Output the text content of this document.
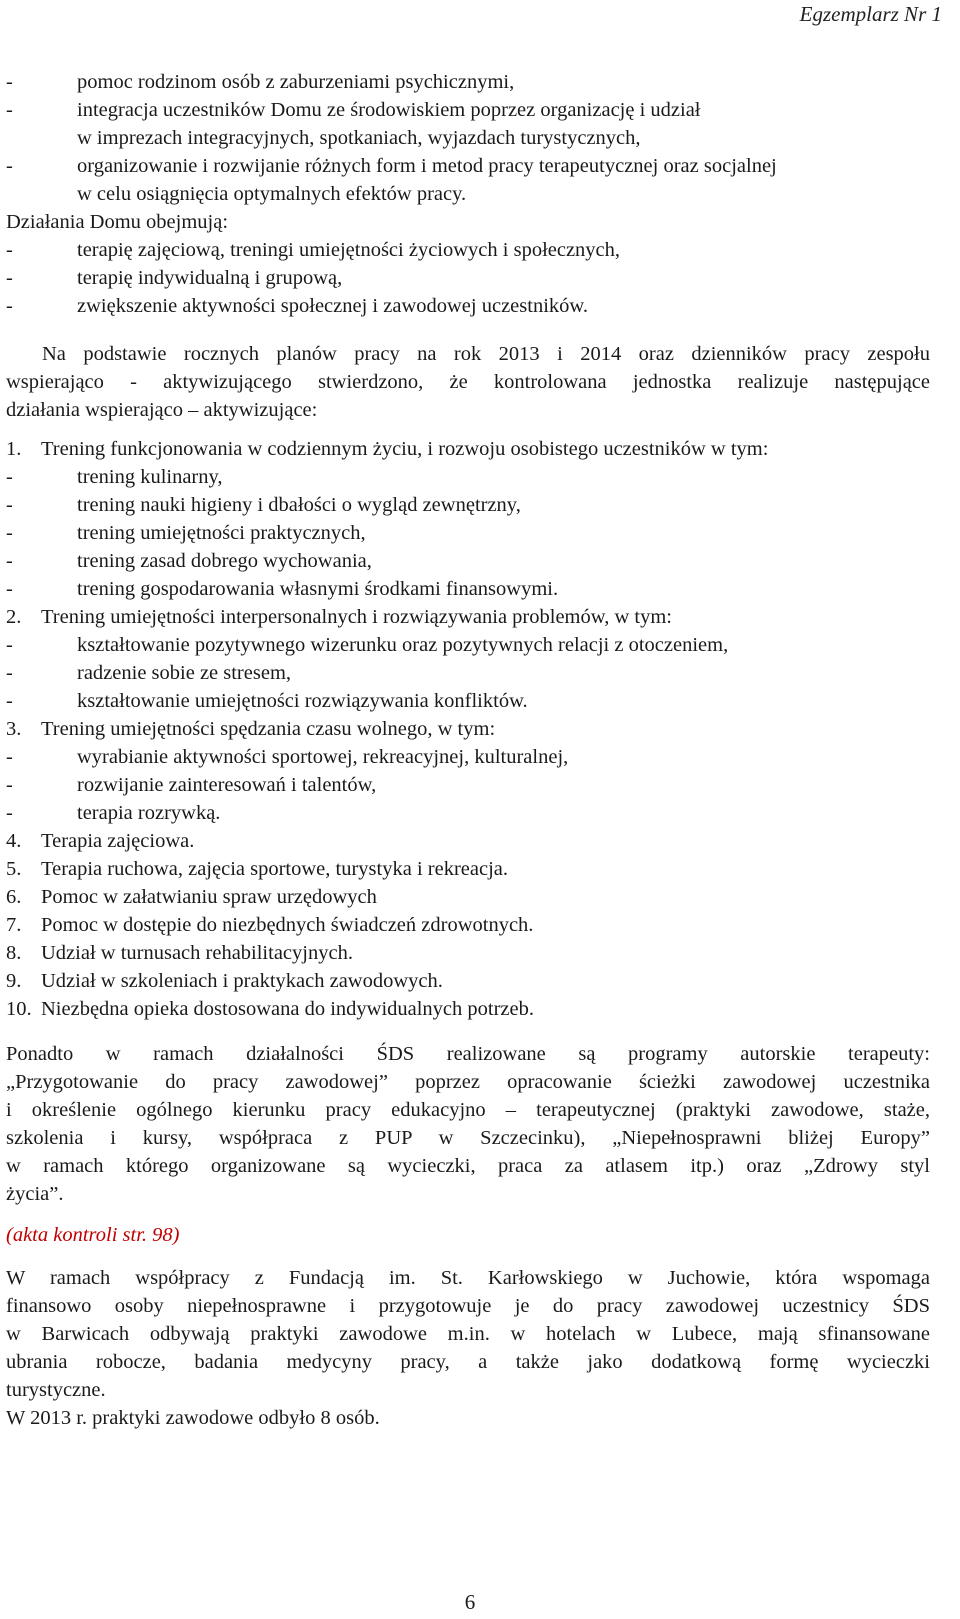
Egzemplarz Nr 1
-	pomoc rodzinom osób z zaburzeniami psychicznymi,
-	integracja uczestników Domu ze środowiskiem poprzez organizację i udział
w imprezach integracyjnych, spotkaniach, wyjazdach turystycznych,
-	organizowanie i rozwijanie różnych form i metod pracy terapeutycznej oraz socjalnej
w celu osiągnięcia optymalnych efektów pracy.
Działania Domu obejmują:
-	terapię zajęciową, treningi umiejętności życiowych i społecznych,
-	terapię indywidualną i grupową,
-	zwiększenie aktywności społecznej i zawodowej uczestników.
Na podstawie rocznych planów pracy na rok 2013 i 2014 oraz dzienników pracy zespołu
wspierająco - aktywizującego stwierdzono, że kontrolowana jednostka realizuje następujące
działania wspierająco – aktywizujące:
1. Trening funkcjonowania w codziennym życiu, i rozwoju osobistego uczestników w tym:
-	trening kulinarny,
-	trening nauki higieny i dbałości o wygląd zewnętrzny,
-	trening umiejętności praktycznych,
-	trening zasad dobrego wychowania,
-	trening gospodarowania własnymi środkami finansowymi.
2. Trening umiejętności interpersonalnych i rozwiązywania problemów, w tym:
-	kształtowanie pozytywnego wizerunku oraz pozytywnych relacji z otoczeniem,
-	radzenie sobie ze stresem,
-	kształtowanie umiejętności rozwiązywania konfliktów.
3. Trening umiejętności spędzania czasu wolnego, w tym:
-	wyrabianie aktywności sportowej, rekreacyjnej, kulturalnej,
-	rozwijanie zainteresowań i talentów,
-	terapia rozrywką.
4. Terapia zajęciowa.
5. Terapia ruchowa, zajęcia sportowe, turystyka i rekreacja.
6. Pomoc w załatwianiu spraw urzędowych
7. Pomoc w dostępie do niezbędnych świadczeń zdrowotnych.
8. Udział w turnusach rehabilitacyjnych.
9. Udział w szkoleniach i praktykach zawodowych.
10. Niezbędna opieka dostosowana do indywidualnych potrzeb.
Ponadto w ramach działalności ŚDS realizowane są programy autorskie terapeuty:
„Przygotowanie do pracy zawodowej” poprzez opracowanie ścieżki zawodowej uczestnika
i określenie ogólnego kierunku pracy edukacyjno – terapeutycznej (praktyki zawodowe, staże,
szkolenia i kursy, współpraca z PUP w Szczecinku), „Niepełnosprawni bliżej Europy”
w ramach którego organizowane są wycieczki, praca za atlasem itp.) oraz „Zdrowy styl
życia”.
(akta kontroli str. 98)
W ramach współpracy z Fundacją im. St. Karłowskiego w Juchowie, która wspomaga
finansowo osoby niepełnosprawne i przygotowuje je do pracy zawodowej uczestnicy ŚDS
w Barwicach odbywają praktyki zawodowe m.in. w hotelach w Lubece, mają sfinansowane
ubrania robocze, badania medycyny pracy, a także jako dodatkową formę wycieczki
turystyczne.
W 2013 r. praktyki zawodowe odbyło 8 osób.
6
